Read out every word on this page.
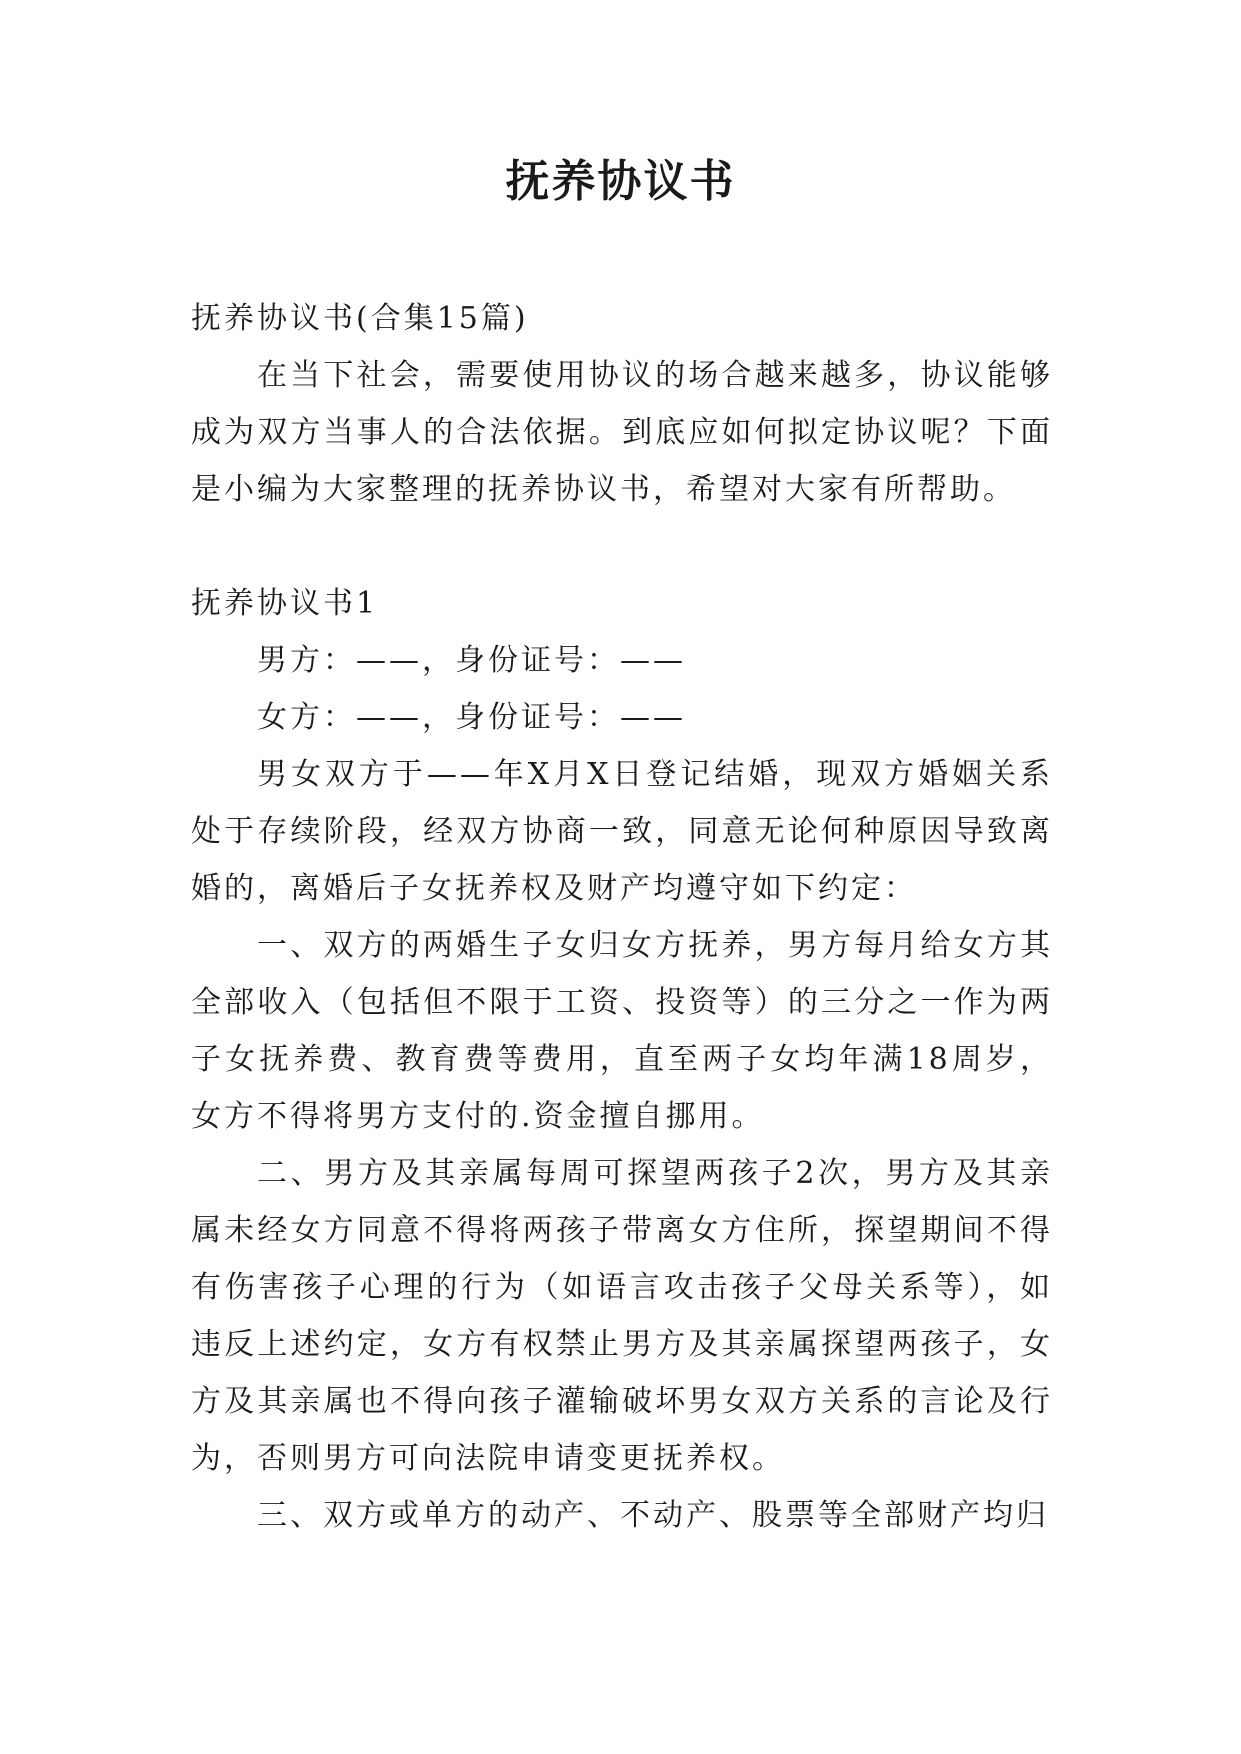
抚养协议书

抚养协议书(合集15篇)

在当下社会，需要使用协议的场合越来越多，协议能够成为双方当事人的合法依据。到底应如何拟定协议呢？下面是小编为大家整理的抚养协议书，希望对大家有所帮助。

抚养协议书1

男方：——，身份证号：——

女方：——，身份证号：——

男女双方于——年X月X日登记结婚，现双方婚姻关系处于存续阶段，经双方协商一致，同意无论何种原因导致离婚的，离婚后子女抚养权及财产均遵守如下约定：

一、双方的两婚生子女归女方抚养，男方每月给女方其全部收入（包括但不限于工资、投资等）的三分之一作为两子女抚养费、教育费等费用，直至两子女均年满18周岁，女方不得将男方支付的.资金擅自挪用。

二、男方及其亲属每周可探望两孩子2次，男方及其亲属未经女方同意不得将两孩子带离女方住所，探望期间不得有伤害孩子心理的行为（如语言攻击孩子父母关系等），如违反上述约定，女方有权禁止男方及其亲属探望两孩子，女方及其亲属也不得向孩子灌输破坏男女双方关系的言论及行为，否则男方可向法院申请变更抚养权。

三、双方或单方的动产、不动产、股票等全部财产均归
